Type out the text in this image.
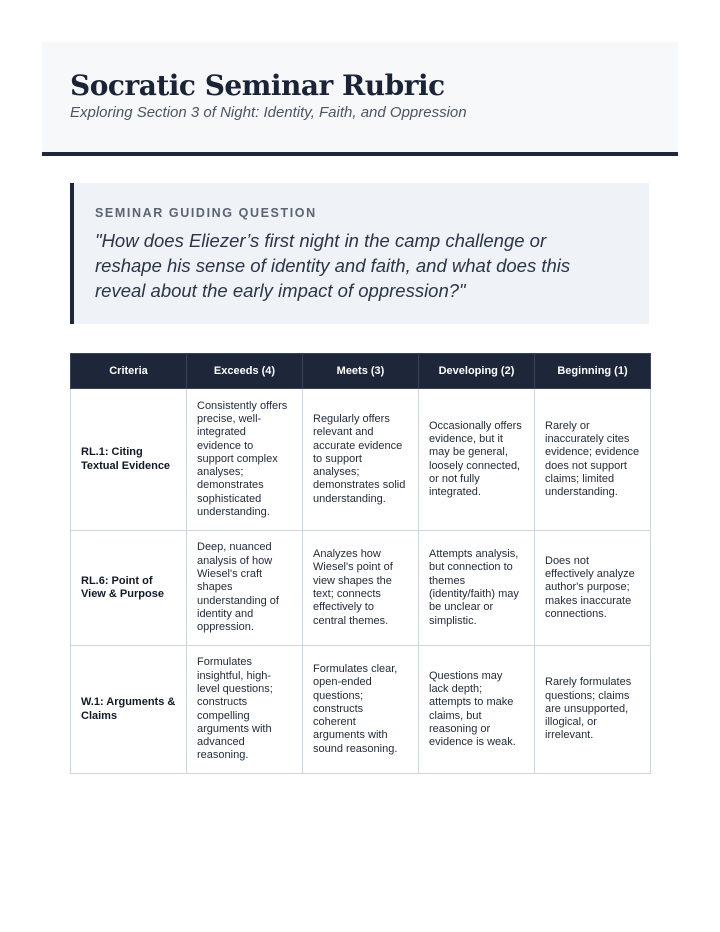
Socratic Seminar Rubric
Exploring Section 3 of Night: Identity, Faith, and Oppression
SEMINAR GUIDING QUESTION
"How does Eliezer’s first night in the camp challenge or reshape his sense of identity and faith, and what does this reveal about the early impact of oppression?"
Criteria	Exceeds (4)	Meets (3)	Developing (2)	Beginning (1)
RL.1: Citing Textual Evidence	Consistently offers precise, well-integrated evidence to support complex analyses; demonstrates sophisticated understanding.	Regularly offers relevant and accurate evidence to support analyses; demonstrates solid understanding.	Occasionally offers evidence, but it may be general, loosely connected, or not fully integrated.	Rarely or inaccurately cites evidence; evidence does not support claims; limited understanding.
RL.6: Point of View & Purpose	Deep, nuanced analysis of how Wiesel's craft shapes understanding of identity and oppression.	Analyzes how Wiesel's point of view shapes the text; connects effectively to central themes.	Attempts analysis, but connection to themes (identity/faith) may be unclear or simplistic.	Does not effectively analyze author's purpose; makes inaccurate connections.
W.1: Arguments & Claims	Formulates insightful, high-level questions; constructs compelling arguments with advanced reasoning.	Formulates clear, open-ended questions; constructs coherent arguments with sound reasoning.	Questions may lack depth; attempts to make claims, but reasoning or evidence is weak.	Rarely formulates questions; claims are unsupported, illogical, or irrelevant.
